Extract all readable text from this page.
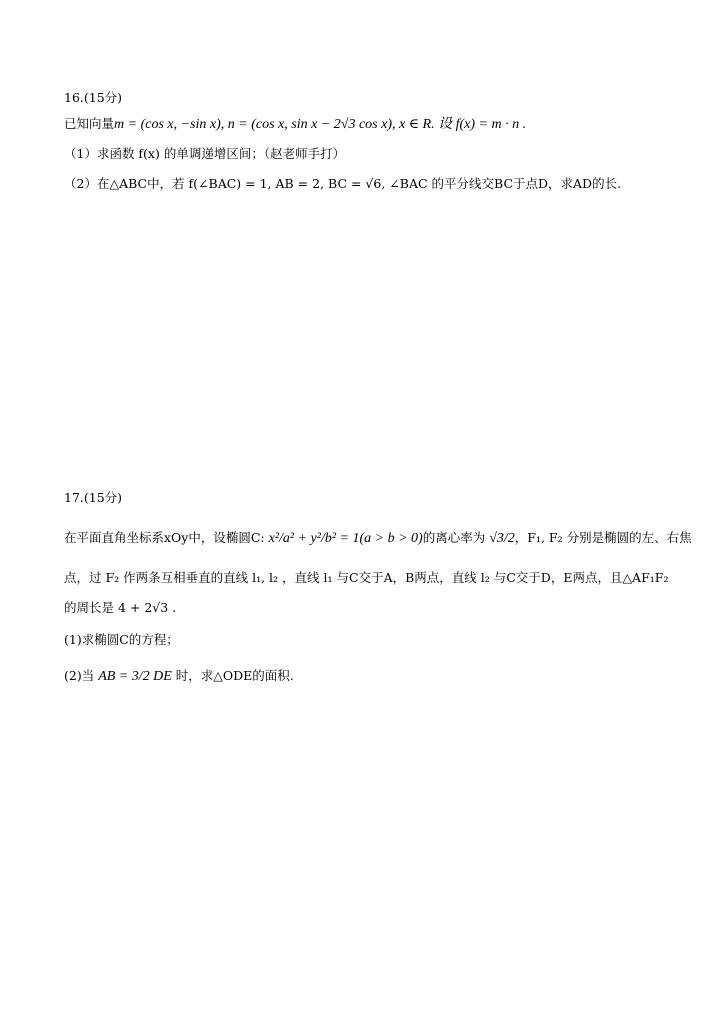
16.(15分)
已知向量m = (cos x, −sin x), n = (cos x, sin x − 2√3 cos x), x ∈ R. 设 f(x) = m · n .
（1）求函数 f(x) 的单调递增区间；（赵老师手打）
（2）在△ABC中，若 f(∠BAC) = 1, AB = 2, BC = √6, ∠BAC 的平分线交BC于点D，求AD的长.
17.(15分)
在平面直角坐标系xOy中，设椭圆C: x²/a² + y²/b² = 1(a > b > 0)的离心率为 √3/2，F₁, F₂ 分别是椭圆的左、右焦
点，过 F₂ 作两条互相垂直的直线 l₁, l₂ ，直线 l₁ 与C交于A，B两点，直线 l₂ 与C交于D，E两点，且△AF₁F₂
的周长是 4 + 2√3 .
(1)求椭圆C的方程；
(2)当 AB = 3/2 DE 时，求△ODE的面积.
